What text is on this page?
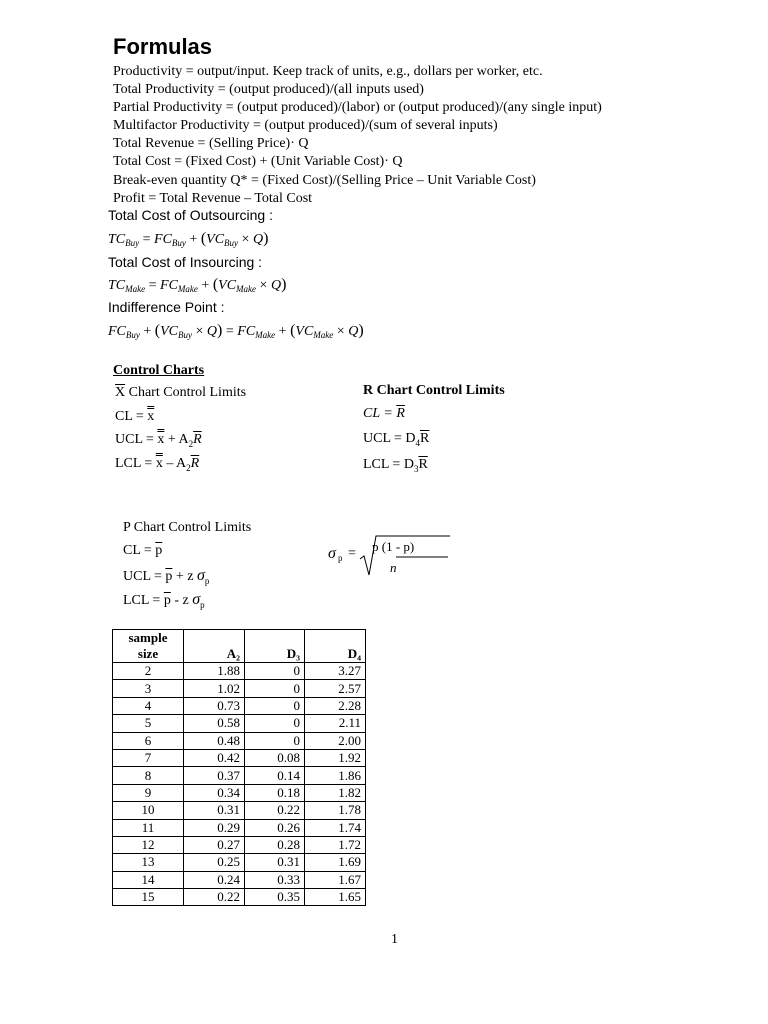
Formulas
Productivity = output/input. Keep track of units, e.g., dollars per worker, etc.
Total Productivity = (output produced)/(all inputs used)
Partial Productivity = (output produced)/(labor) or (output produced)/(any single input)
Multifactor Productivity = (output produced)/(sum of several inputs)
Total Revenue = (Selling Price)· Q
Total Cost = (Fixed Cost) + (Unit Variable Cost)· Q
Break-even quantity Q* = (Fixed Cost)/(Selling Price – Unit Variable Cost)
Profit = Total Revenue – Total Cost
Total Cost of Outsourcing :
$TC_{Buy} = FC_{Buy} + (VC_{Buy} \times Q)$
Total Cost of Insourcing :
$TC_{Make} = FC_{Make} + (VC_{Make} \times Q)$
Indifference Point :
$FC_{Buy} + (VC_{Buy} \times Q) = FC_{Make} + (VC_{Make} \times Q)$
Control Charts
$\overline{X}$ Chart Control Limits
CL = x
UCL = $x + A_2\overline{R}$
LCL = x – $A_2\overline{R}$
R Chart Control Limits
CL = $\overline{R}$
UCL = $D_4\overline{R}$
LCL = $D_3\overline{R}$
P Chart Control Limits
CL = $\overline{p}$
UCL = $\overline{p} + z$ $\sigma_p$
LCL = $\overline{p}$ - z $\sigma_p$
σ p = p (1 - p)
n
sample size	A₂	D₃	D₄
2	1.88	0	3.27
3	1.02	0	2.57
4	0.73	0	2.28
5	0.58	0	2.11
6	0.48	0	2.00
7	0.42	0.08	1.92
8	0.37	0.14	1.86
9	0.34	0.18	1.82
10	0.31	0.22	1.78
11	0.29	0.26	1.74
12	0.27	0.28	1.72
13	0.25	0.31	1.69
14	0.24	0.33	1.67
15	0.22	0.35	1.65
1
